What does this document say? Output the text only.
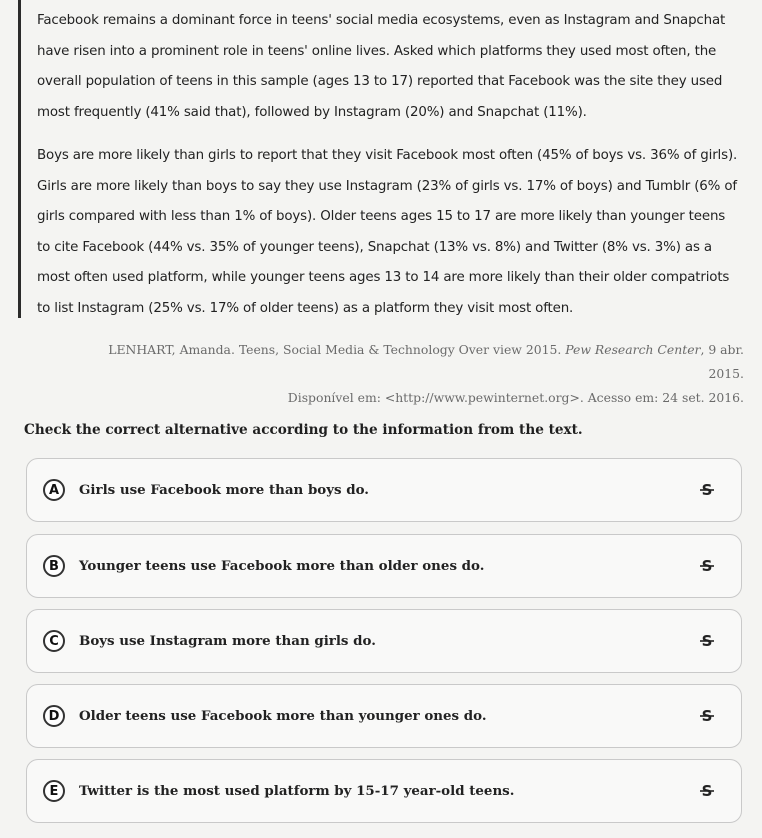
Facebook remains a dominant force in teens' social media ecosystems, even as Instagram and Snapchat have risen into a prominent role in teens' online lives. Asked which platforms they used most often, the overall population of teens in this sample (ages 13 to 17) reported that Facebook was the site they used most frequently (41% said that), followed by Instagram (20%) and Snapchat (11%).

Boys are more likely than girls to report that they visit Facebook most often (45% of boys vs. 36% of girls). Girls are more likely than boys to say they use Instagram (23% of girls vs. 17% of boys) and Tumblr (6% of girls compared with less than 1% of boys). Older teens ages 15 to 17 are more likely than younger teens to cite Facebook (44% vs. 35% of younger teens), Snapchat (13% vs. 8%) and Twitter (8% vs. 3%) as a most often used platform, while younger teens ages 13 to 14 are more likely than their older compatriots to list Instagram (25% vs. 17% of older teens) as a platform they visit most often.

LENHART, Amanda. Teens, Social Media & Technology Over view 2015. Pew Research Center, 9 abr. 2015.
Disponível em: <http://www.pewinternet.org>. Acesso em: 24 set. 2016.
Check the correct alternative according to the information from the text.
A	Girls use Facebook more than boys do.	S
B	Younger teens use Facebook more than older ones do.	S
C	Boys use Instagram more than girls do.	S
D	Older teens use Facebook more than younger ones do.	S
E	Twitter is the most used platform by 15-17 year-old teens.	S
